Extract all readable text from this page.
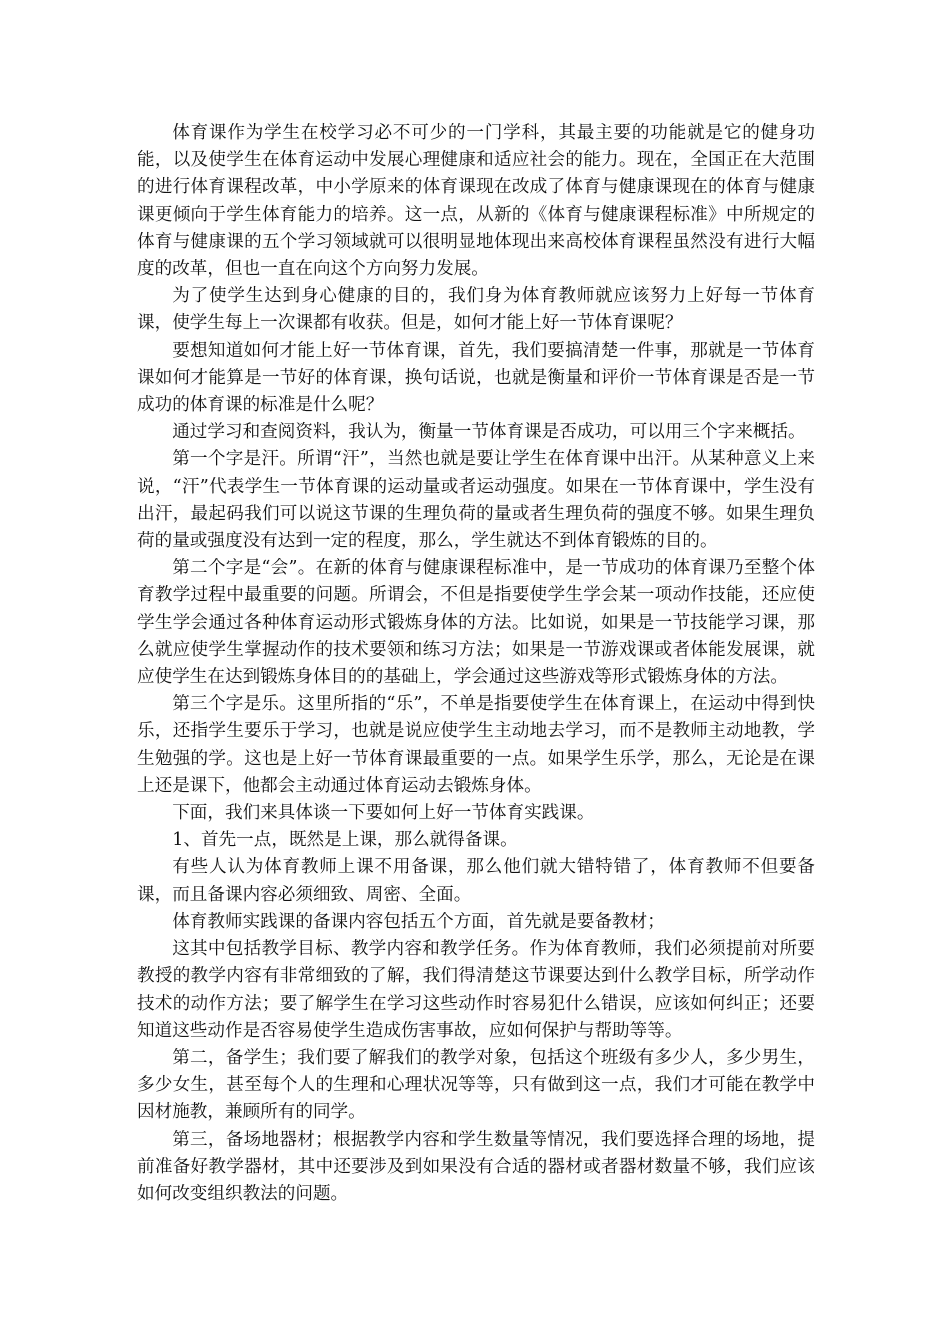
体育课作为学生在校学习必不可少的一门学科，其最主要的功能就是它的健身功能，以及使学生在体育运动中发展心理健康和适应社会的能力。现在，全国正在大范围的进行体育课程改革，中小学原来的体育课现在改成了体育与健康课现在的体育与健康课更倾向于学生体育能力的培养。这一点，从新的《体育与健康课程标准》中所规定的体育与健康课的五个学习领域就可以很明显地体现出来高校体育课程虽然没有进行大幅度的改革，但也一直在向这个方向努力发展。

为了使学生达到身心健康的目的，我们身为体育教师就应该努力上好每一节体育课，使学生每上一次课都有收获。但是，如何才能上好一节体育课呢？

要想知道如何才能上好一节体育课，首先，我们要搞清楚一件事，那就是一节体育课如何才能算是一节好的体育课，换句话说，也就是衡量和评价一节体育课是否是一节成功的体育课的标准是什么呢？

通过学习和查阅资料，我认为，衡量一节体育课是否成功，可以用三个字来概括。

第一个字是汗。所谓“汗”，当然也就是要让学生在体育课中出汗。从某种意义上来说，“汗”代表学生一节体育课的运动量或者运动强度。如果在一节体育课中，学生没有出汗，最起码我们可以说这节课的生理负荷的量或者生理负荷的强度不够。如果生理负荷的量或强度没有达到一定的程度，那么，学生就达不到体育锻炼的目的。

第二个字是“会”。在新的体育与健康课程标准中，是一节成功的体育课乃至整个体育教学过程中最重要的问题。所谓会，不但是指要使学生学会某一项动作技能，还应使学生学会通过各种体育运动形式锻炼身体的方法。比如说，如果是一节技能学习课，那么就应使学生掌握动作的技术要领和练习方法；如果是一节游戏课或者体能发展课，就应使学生在达到锻炼身体目的的基础上，学会通过这些游戏等形式锻炼身体的方法。

第三个字是乐。这里所指的“乐”，不单是指要使学生在体育课上，在运动中得到快乐，还指学生要乐于学习，也就是说应使学生主动地去学习，而不是教师主动地教，学生勉强的学。这也是上好一节体育课最重要的一点。如果学生乐学，那么，无论是在课上还是课下，他都会主动通过体育运动去锻炼身体。

下面，我们来具体谈一下要如何上好一节体育实践课。

1、首先一点，既然是上课，那么就得备课。

有些人认为体育教师上课不用备课，那么他们就大错特错了，体育教师不但要备课，而且备课内容必须细致、周密、全面。

体育教师实践课的备课内容包括五个方面，首先就是要备教材；

这其中包括教学目标、教学内容和教学任务。作为体育教师，我们必须提前对所要教授的教学内容有非常细致的了解，我们得清楚这节课要达到什么教学目标，所学动作技术的动作方法；要了解学生在学习这些动作时容易犯什么错误，应该如何纠正；还要知道这些动作是否容易使学生造成伤害事故，应如何保护与帮助等等。

第二，备学生；我们要了解我们的教学对象，包括这个班级有多少人，多少男生，多少女生，甚至每个人的生理和心理状况等等，只有做到这一点，我们才可能在教学中因材施教，兼顾所有的同学。

第三，备场地器材；根据教学内容和学生数量等情况，我们要选择合理的场地，提前准备好教学器材，其中还要涉及到如果没有合适的器材或者器材数量不够，我们应该如何改变组织教法的问题。
